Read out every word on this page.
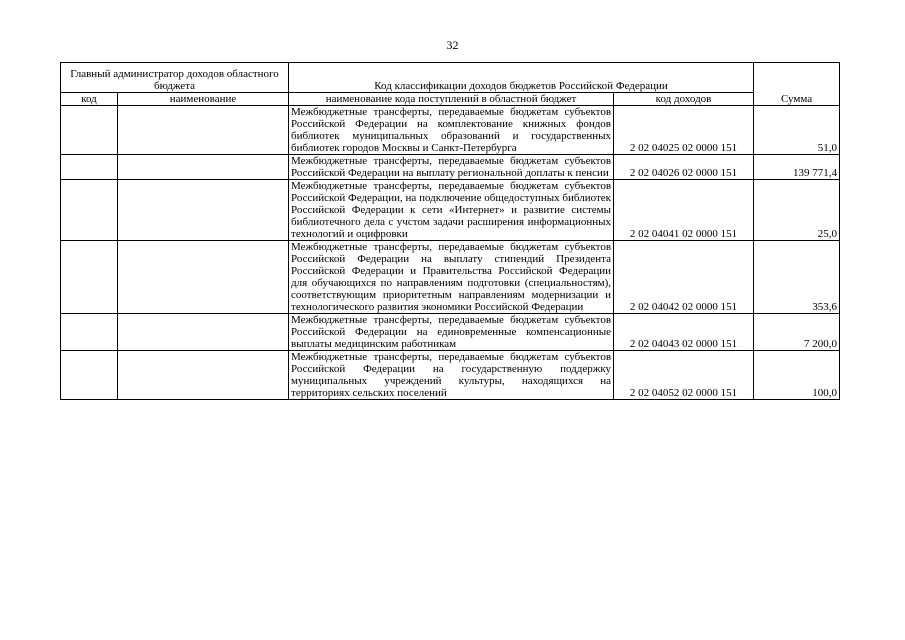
32
Главный администратор доходов областного бюджета		Код классификации доходов бюджетов Российской Федерации		Сумма
код	наименование	наименование кода поступлений в областной бюджет	код доходов	
		Межбюджетные трансферты, передаваемые бюджетам субъектов Российской Федерации на комплектование книжных фондов библиотек муниципальных образований и государственных библиотек городов Москвы и Санкт-Петербурга	2 02 04025 02 0000 151	51,0
		Межбюджетные трансферты, передаваемые бюджетам субъектов Российской Федерации на выплату региональной доплаты к пенсии	2 02 04026 02 0000 151	139 771,4
		Межбюджетные трансферты, передаваемые бюджетам субъектов Российской Федерации, на подключение общедоступных библиотек Российской Федерации к сети «Интернет» и развитие системы библиотечного дела с учстом задачи расширения информационных технологий и оцифровки	2 02 04041 02 0000 151	25,0
		Межбюджетные трансферты, передаваемые бюджетам субъектов Российской Федерации на выплату стипендий Президента Российской Федерации и Правительства Российской Федерации для обучающихся по направлениям подготовки (специальностям), соответствующим приоритетным направлениям модернизации и технологического развития экономики Российской Федерации	2 02 04042 02 0000 151	353,6
		Межбюджетные трансферты, передаваемые бюджетам субъектов Российской Федерации на единовременные компенсационные выплаты медицинским работникам	2 02 04043 02 0000 151	7 200,0
		Межбюджетные трансферты, передаваемые бюджетам субъектов Российской Федерации на государственную поддержку муниципальных учреждений культуры, находящихся на территориях сельских поселений	2 02 04052 02 0000 151	100,0
